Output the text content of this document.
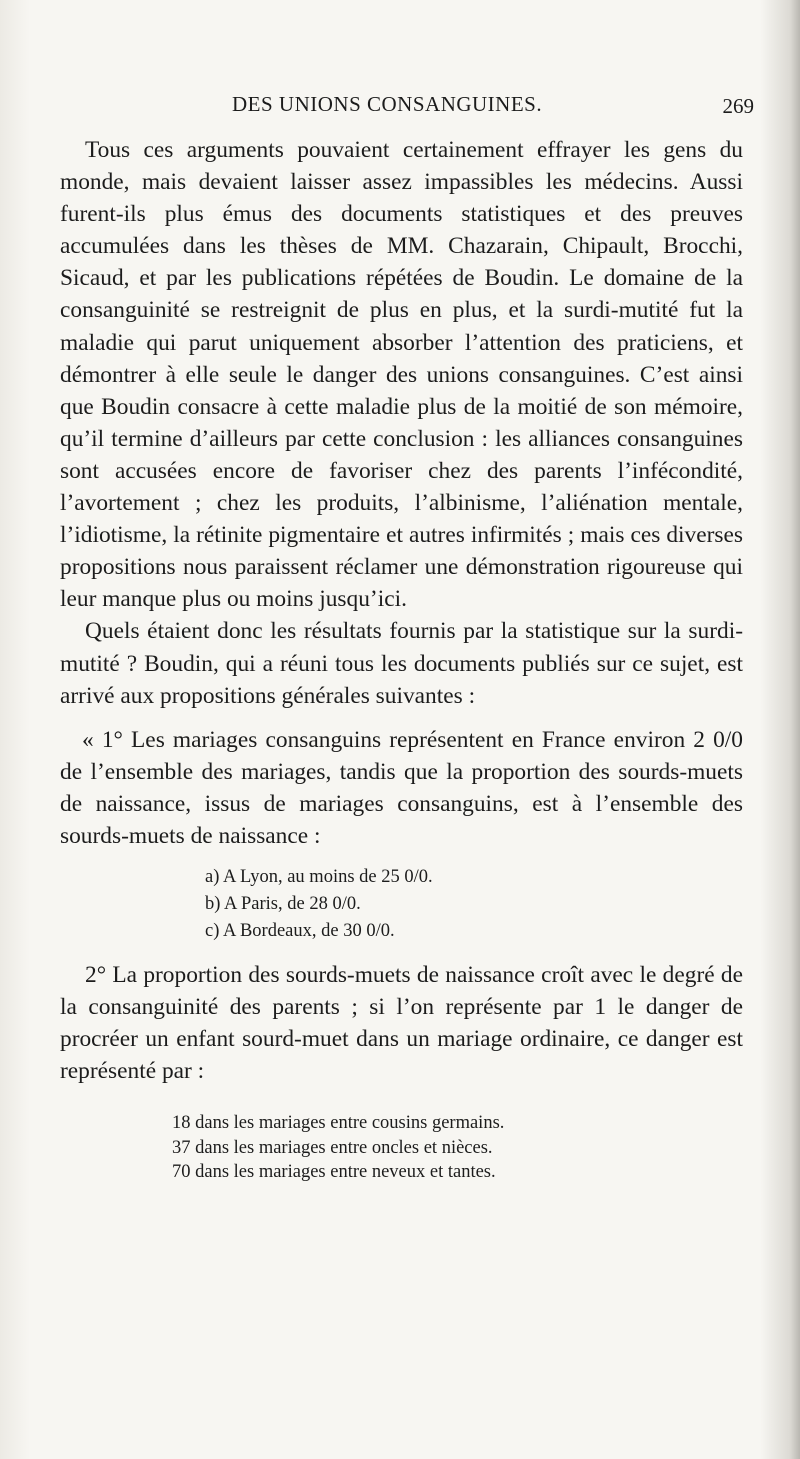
DES UNIONS CONSANGUINES.	269

Tous ces arguments pouvaient certainement effrayer les gens du monde, mais devaient laisser assez impassibles les médecins. Aussi furent-ils plus émus des documents statistiques et des preuves accumulées dans les thèses de MM. Chazarain, Chipault, Brocchi, Sicaud, et par les publications répétées de Boudin. Le domaine de la consanguinité se restreignit de plus en plus, et la surdi-mutité fut la maladie qui parut uniquement absorber l’attention des praticiens, et démontrer à elle seule le danger des unions consanguines. C’est ainsi que Boudin consacre à cette maladie plus de la moitié de son mémoire, qu’il termine d’ailleurs par cette conclusion : les alliances consanguines sont accusées encore de favoriser chez des parents l’infécondité, l’avortement ; chez les produits, l’albinisme, l’aliénation mentale, l’idiotisme, la rétinite pigmentaire et autres infirmités ; mais ces diverses propositions nous paraissent réclamer une démonstration rigoureuse qui leur manque plus ou moins jusqu’ici.

Quels étaient donc les résultats fournis par la statistique sur la surdi-mutité ? Boudin, qui a réuni tous les documents publiés sur ce sujet, est arrivé aux propositions générales suivantes :

« 1° Les mariages consanguins représentent en France environ 2 0/0 de l’ensemble des mariages, tandis que la proportion des sourds-muets de naissance, issus de mariages consanguins, est à l’ensemble des sourds-muets de naissance :

a) A Lyon, au moins de 25 0/0.
b) A Paris, de 28 0/0.
c) A Bordeaux, de 30 0/0.

2° La proportion des sourds-muets de naissance croît avec le degré de la consanguinité des parents ; si l’on représente par 1 le danger de procréer un enfant sourd-muet dans un mariage ordinaire, ce danger est représenté par :

18 dans les mariages entre cousins germains.
37 dans les mariages entre oncles et nièces.
70 dans les mariages entre neveux et tantes.
